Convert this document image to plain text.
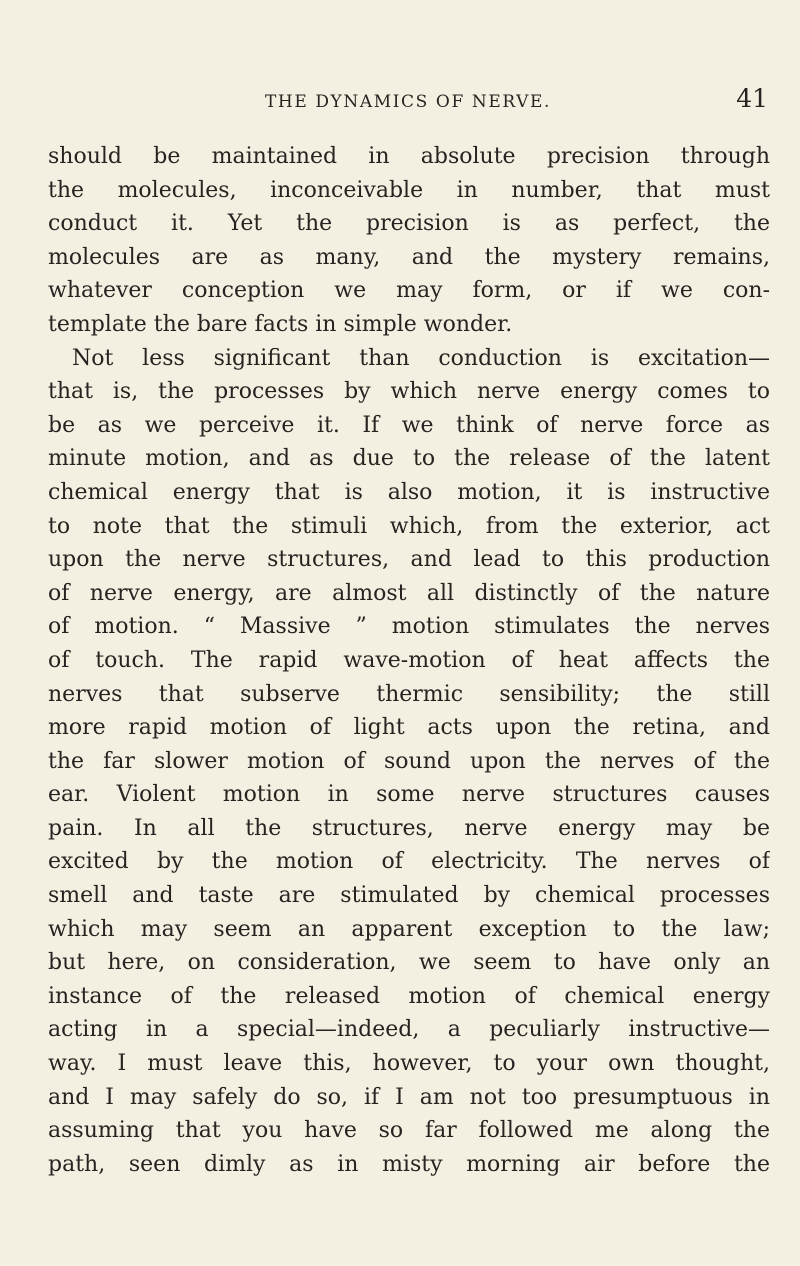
THE DYNAMICS OF NERVE.	41
should be maintained in absolute precision through
the molecules, inconceivable in number, that must
conduct it. Yet the precision is as perfect, the
molecules are as many, and the mystery remains,
whatever conception we may form, or if we con-
template the bare facts in simple wonder.
Not less significant than conduction is excitation—
that is, the processes by which nerve energy comes to
be as we perceive it. If we think of nerve force as
minute motion, and as due to the release of the latent
chemical energy that is also motion, it is instructive
to note that the stimuli which, from the exterior, act
upon the nerve structures, and lead to this production
of nerve energy, are almost all distinctly of the nature
of motion. “ Massive ” motion stimulates the nerves
of touch. The rapid wave-motion of heat affects the
nerves that subserve thermic sensibility; the still
more rapid motion of light acts upon the retina, and
the far slower motion of sound upon the nerves of the
ear. Violent motion in some nerve structures causes
pain. In all the structures, nerve energy may be
excited by the motion of electricity. The nerves of
smell and taste are stimulated by chemical processes
which may seem an apparent exception to the law;
but here, on consideration, we seem to have only an
instance of the released motion of chemical energy
acting in a special—indeed, a peculiarly instructive—
way. I must leave this, however, to your own thought,
and I may safely do so, if I am not too presumptuous in
assuming that you have so far followed me along the
path, seen dimly as in misty morning air before the
